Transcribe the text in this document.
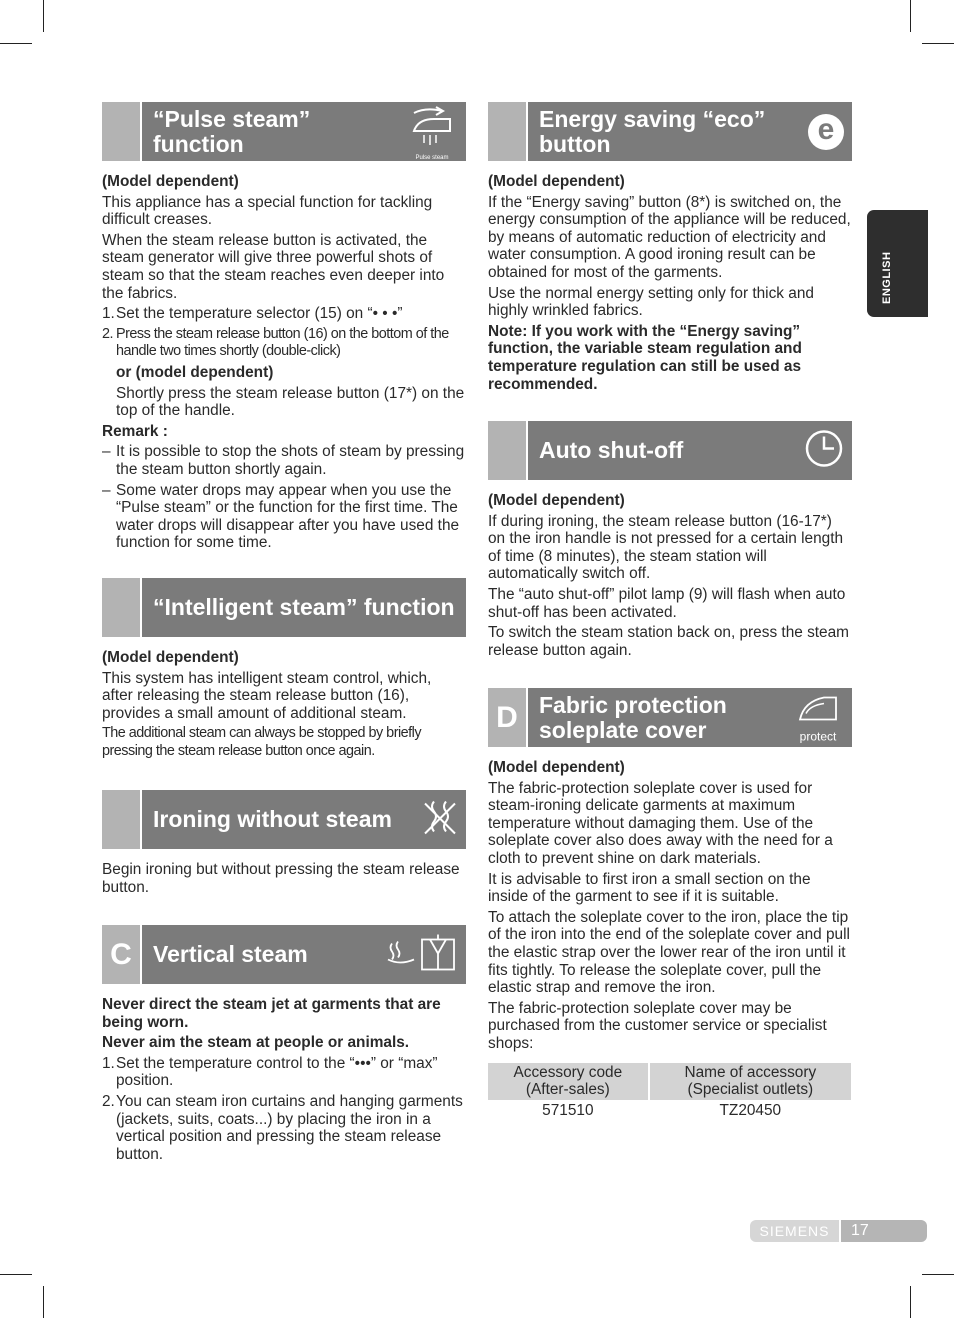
ENGLISH
“Pulse steam”
function
Pulse steam

(Model dependent)

This appliance has a special function for tackling difficult creases.

When the steam release button is activated, the steam generator will give three powerful shots of steam so that the steam reaches even deeper into the fabrics.

1. Set the temperature selector (15) on “• • •”

2. Press the steam release button (16) on the bottom of the handle two times shortly (double-click)

or (model dependent)

Shortly press the steam release button (17*) on the top of the handle.

Remark :

– It is possible to stop the shots of steam by pressing the steam button shortly again.

– Some water drops may appear when you use the “Pulse steam” or the function for the first time. The water drops will disappear after you have used the function for some time.

“Intelligent steam” function

(Model dependent)

This system has intelligent steam control, which, after releasing the steam release button (16), provides a small amount of additional steam.

The additional steam can always be stopped by briefly pressing the steam release button once again.

Ironing without steam

Begin ironing but without pressing the steam release button.

C Vertical steam

Never direct the steam jet at garments that are being worn.

Never aim the steam at people or animals.

1. Set the temperature control to the “•••” or “max” position.

2. You can steam iron curtains and hanging garments (jackets, suits, coats...) by placing the iron in a vertical position and pressing the steam release button.

Energy saving “eco”
button	e

(Model dependent)

If the “Energy saving” button (8*) is switched on, the energy consumption of the appliance will be reduced, by means of automatic reduction of electricity and water consumption. A good ironing result can be obtained for most of the garments.

Use the normal energy setting only for thick and highly wrinkled fabrics.

Note: If you work with the “Energy saving” function, the variable steam regulation and temperature regulation can still be used as recommended.

Auto shut-off

(Model dependent)

If during ironing, the steam release button (16-17*) on the iron handle is not pressed for a certain length of time (8 minutes), the steam station will automatically switch off.

The “auto shut-off” pilot lamp (9) will flash when auto shut-off has been activated.

To switch the steam station back on, press the steam release button again.

D Fabric protection
soleplate cover	protect

(Model dependent)

The fabric-protection soleplate cover is used for steam-ironing delicate garments at maximum temperature without damaging them. Use of the soleplate cover also does away with the need for a cloth to prevent shine on dark materials.

It is advisable to first iron a small section on the inside of the garment to see if it is suitable.

To attach the soleplate cover to the iron, place the tip of the iron into the end of the soleplate cover and pull the elastic strap over the lower rear of the iron until it fits tightly. To release the soleplate cover, pull the elastic strap and remove the iron.

The fabric-protection soleplate cover may be purchased from the customer service or specialist shops:

Accessory code (After-sales)	Name of accessory (Specialist outlets)
571510	TZ20450
SIEMENS	17
